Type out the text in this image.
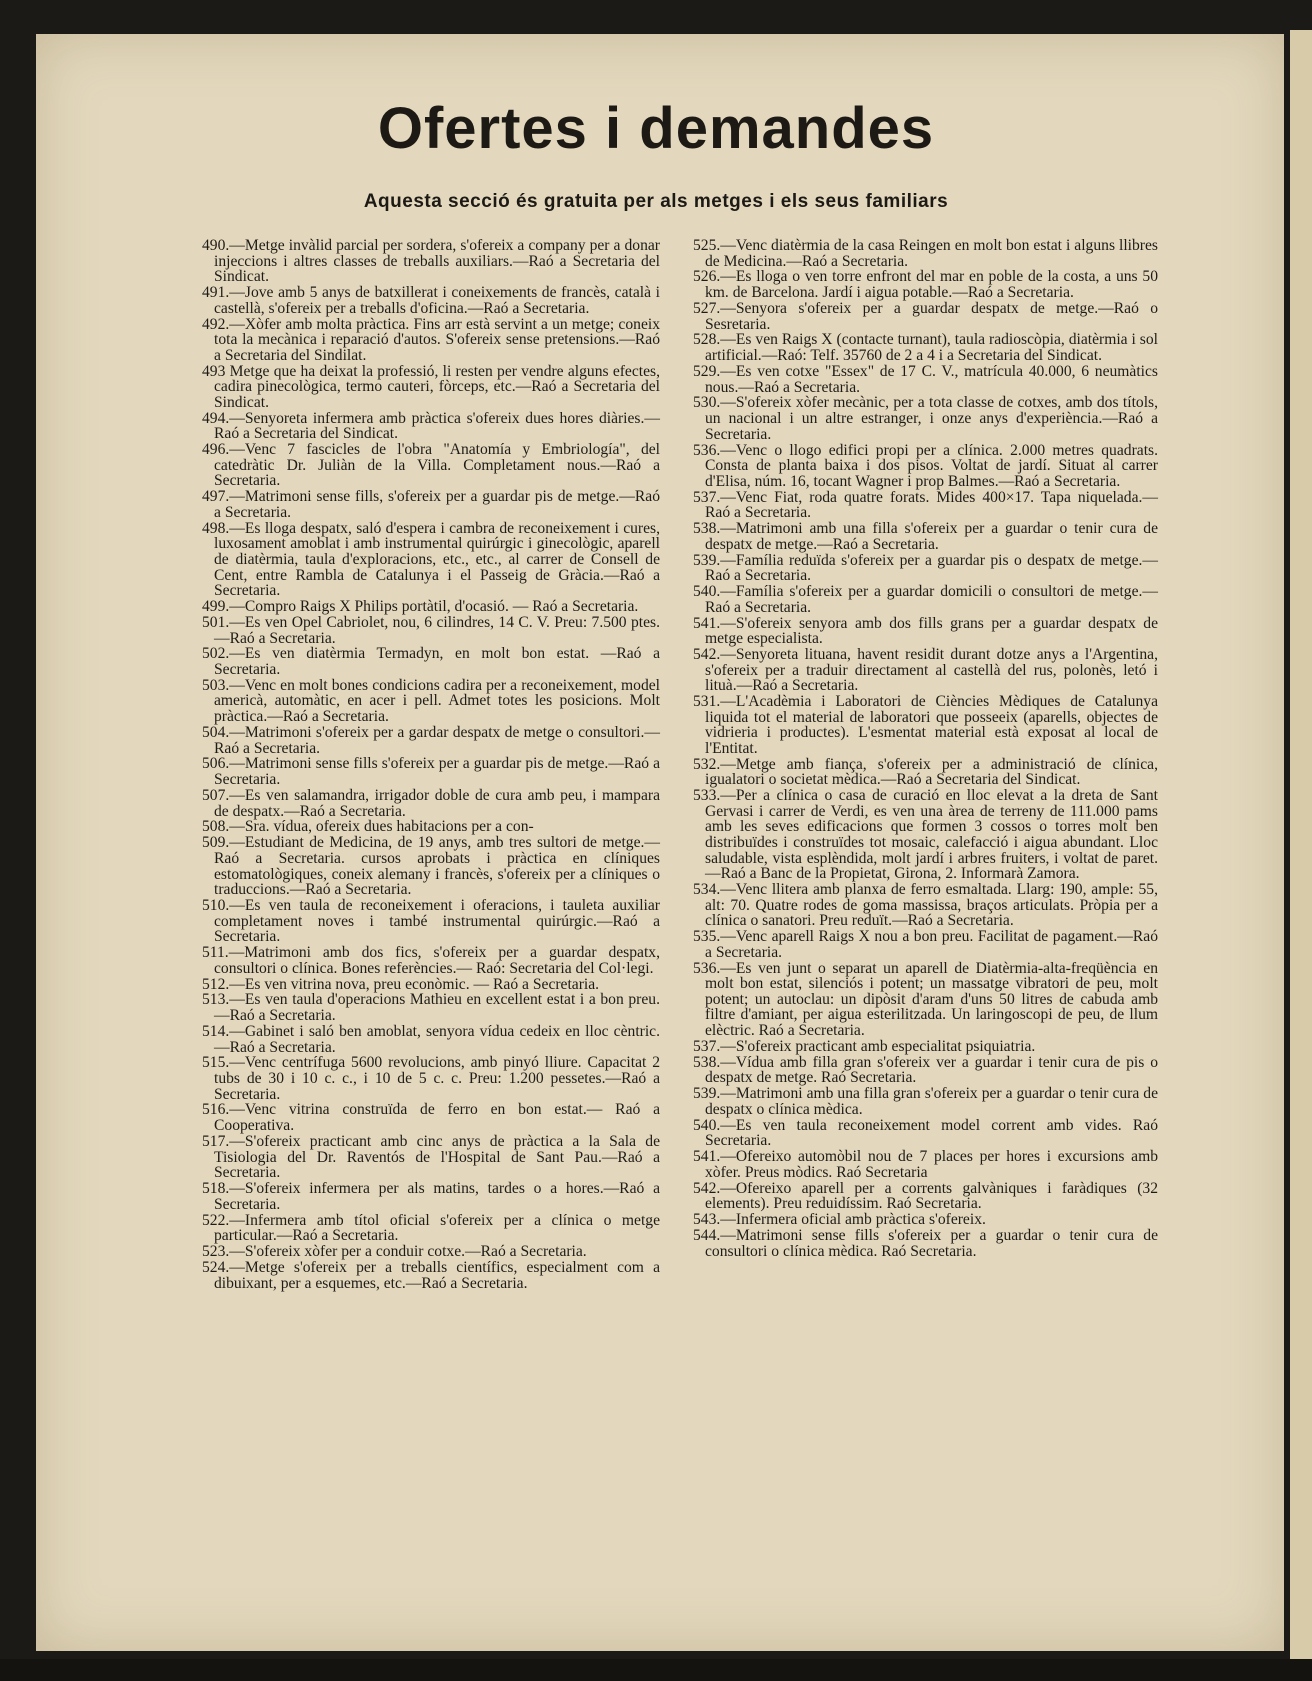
Ofertes i demandes

Aquesta secció és gratuita per als metges i els seus familiars

490.—Metge invàlid parcial per sordera, s'ofereix a company per a donar injeccions i altres classes de treballs auxiliars.—Raó a Secretaria del Sindicat.

491.—Jove amb 5 anys de batxillerat i coneixements de francès, català i castellà, s'ofereix per a treballs d'oficina.—Raó a Secretaria.

492.—Xòfer amb molta pràctica. Fins arr està servint a un metge; coneix tota la mecànica i reparació d'autos. S'ofereix sense pretensions.—Raó a Secretaria del Sindilat.

493 Metge que ha deixat la professió, li resten per vendre alguns efectes, cadira pinecològica, termo cauteri, fòrceps, etc.—Raó a Secretaria del Sindicat.

494.—Senyoreta infermera amb pràctica s'ofereix dues hores diàries.—Raó a Secretaria del Sindicat.

496.—Venc 7 fascicles de l'obra "Anatomía y Embriología", del catedràtic Dr. Juliàn de la Villa. Completament nous.—Raó a Secretaria.

497.—Matrimoni sense fills, s'ofereix per a guardar pis de metge.—Raó a Secretaria.

498.—Es lloga despatx, saló d'espera i cambra de reconeixement i cures, luxosament amoblat i amb instrumental quirúrgic i ginecològic, aparell de diatèrmia, taula d'exploracions, etc., etc., al carrer de Consell de Cent, entre Rambla de Catalunya i el Passeig de Gràcia.—Raó a Secretaria.

499.—Compro Raigs X Philips portàtil, d'ocasió. — Raó a Secretaria.

501.—Es ven Opel Cabriolet, nou, 6 cilindres, 14 C. V. Preu: 7.500 ptes.—Raó a Secretaria.

502.—Es ven diatèrmia Termadyn, en molt bon estat. —Raó a Secretaria.

503.—Venc en molt bones condicions cadira per a reconeixement, model americà, automàtic, en acer i pell. Admet totes les posicions. Molt pràctica.—Raó a Secretaria.

504.—Matrimoni s'ofereix per a gardar despatx de metge o consultori.—Raó a Secretaria.

506.—Matrimoni sense fills s'ofereix per a guardar pis de metge.—Raó a Secretaria.

507.—Es ven salamandra, irrigador doble de cura amb peu, i mampara de despatx.—Raó a Secretaria.

508.—Sra. vídua, ofereix dues habitacions per a con-

509.—Estudiant de Medicina, de 19 anys, amb tres sultori de metge.—Raó a Secretaria. cursos aprobats i pràctica en clíniques estomatològiques, coneix alemany i francès, s'ofereix per a clíniques o traduccions.—Raó a Secretaria.

510.—Es ven taula de reconeixement i oferacions, i tauleta auxiliar completament noves i també instrumental quirúrgic.—Raó a Secretaria.

511.—Matrimoni amb dos fics, s'ofereix per a guardar despatx, consultori o clínica. Bones referències.— Raó: Secretaria del Col·legi.

512.—Es ven vitrina nova, preu econòmic. — Raó a Secretaria.

513.—Es ven taula d'operacions Mathieu en excellent estat i a bon preu.—Raó a Secretaria.

514.—Gabinet i saló ben amoblat, senyora vídua cedeix en lloc cèntric.—Raó a Secretaria.

515.—Venc centrífuga 5600 revolucions, amb pinyó lliure. Capacitat 2 tubs de 30 i 10 c. c., i 10 de 5 c. c. Preu: 1.200 pessetes.—Raó a Secretaria.

516.—Venc vitrina construïda de ferro en bon estat.— Raó a Cooperativa.

517.—S'ofereix practicant amb cinc anys de pràctica a la Sala de Tisiologia del Dr. Raventós de l'Hospital de Sant Pau.—Raó a Secretaria.

518.—S'ofereix infermera per als matins, tardes o a hores.—Raó a Secretaria.

522.—Infermera amb títol oficial s'ofereix per a clínica o metge particular.—Raó a Secretaria.

523.—S'ofereix xòfer per a conduir cotxe.—Raó a Secretaria.

524.—Metge s'ofereix per a treballs científics, especialment com a dibuixant, per a esquemes, etc.—Raó a Secretaria.

525.—Venc diatèrmia de la casa Reingen en molt bon estat i alguns llibres de Medicina.—Raó a Secretaria.

526.—Es lloga o ven torre enfront del mar en poble de la costa, a uns 50 km. de Barcelona. Jardí i aigua potable.—Raó a Secretaria.

527.—Senyora s'ofereix per a guardar despatx de metge.—Raó o Sesretaria.

528.—Es ven Raigs X (contacte turnant), taula radioscòpia, diatèrmia i sol artificial.—Raó: Telf. 35760 de 2 a 4 i a Secretaria del Sindicat.

529.—Es ven cotxe "Essex" de 17 C. V., matrícula 40.000, 6 neumàtics nous.—Raó a Secretaria.

530.—S'ofereix xòfer mecànic, per a tota classe de cotxes, amb dos títols, un nacional i un altre estranger, i onze anys d'experiència.—Raó a Secretaria.

536.—Venc o llogo edifici propi per a clínica. 2.000 metres quadrats. Consta de planta baixa i dos pisos. Voltat de jardí. Situat al carrer d'Elisa, núm. 16, tocant Wagner i prop Balmes.—Raó a Secretaria.

537.—Venc Fiat, roda quatre forats. Mides 400×17. Tapa niquelada.—Raó a Secretaria.

538.—Matrimoni amb una filla s'ofereix per a guardar o tenir cura de despatx de metge.—Raó a Secretaria.

539.—Família reduïda s'ofereix per a guardar pis o despatx de metge.—Raó a Secretaria.

540.—Família s'ofereix per a guardar domicili o consultori de metge.—Raó a Secretaria.

541.—S'ofereix senyora amb dos fills grans per a guardar despatx de metge especialista.

542.—Senyoreta lituana, havent residit durant dotze anys a l'Argentina, s'ofereix per a traduir directament al castellà del rus, polonès, letó i lituà.—Raó a Secretaria.

531.—L'Acadèmia i Laboratori de Ciències Mèdiques de Catalunya liquida tot el material de laboratori que posseeix (aparells, objectes de vidrieria i productes). L'esmentat material està exposat al local de l'Entitat.

532.—Metge amb fiança, s'ofereix per a administració de clínica, igualatori o societat mèdica.—Raó a Secretaria del Sindicat.

533.—Per a clínica o casa de curació en lloc elevat a la dreta de Sant Gervasi i carrer de Verdi, es ven una àrea de terreny de 111.000 pams amb les seves edificacions que formen 3 cossos o torres molt ben distribuïdes i construïdes tot mosaic, calefacció i aigua abundant. Lloc saludable, vista esplèndida, molt jardí i arbres fruiters, i voltat de paret.—Raó a Banc de la Propietat, Girona, 2. Informarà Zamora.

534.—Venc llitera amb planxa de ferro esmaltada. Llarg: 190, ample: 55, alt: 70. Quatre rodes de goma massissa, braços articulats. Pròpia per a clínica o sanatori. Preu reduït.—Raó a Secretaria.

535.—Venc aparell Raigs X nou a bon preu. Facilitat de pagament.—Raó a Secretaria.

536.—Es ven junt o separat un aparell de Diatèrmia-alta-freqüència en molt bon estat, silenciós i potent; un massatge vibratori de peu, molt potent; un autoclau: un dipòsit d'aram d'uns 50 litres de cabuda amb filtre d'amiant, per aigua esterilitzada. Un laringoscopi de peu, de llum elèctric. Raó a Secretaria.

537.—S'ofereix practicant amb especialitat psiquiatria.

538.—Vídua amb filla gran s'ofereix ver a guardar i tenir cura de pis o despatx de metge. Raó Secretaria.

539.—Matrimoni amb una filla gran s'ofereix per a guardar o tenir cura de despatx o clínica mèdica.

540.—Es ven taula reconeixement model corrent amb vides. Raó Secretaria.

541.—Ofereixo automòbil nou de 7 places per hores i excursions amb xòfer. Preus mòdics. Raó Secretaria

542.—Ofereixo aparell per a corrents galvàniques i faràdiques (32 elements). Preu reduidíssim. Raó Secretaria.

543.—Infermera oficial amb pràctica s'ofereix.

544.—Matrimoni sense fills s'ofereix per a guardar o tenir cura de consultori o clínica mèdica. Raó Secretaria.
